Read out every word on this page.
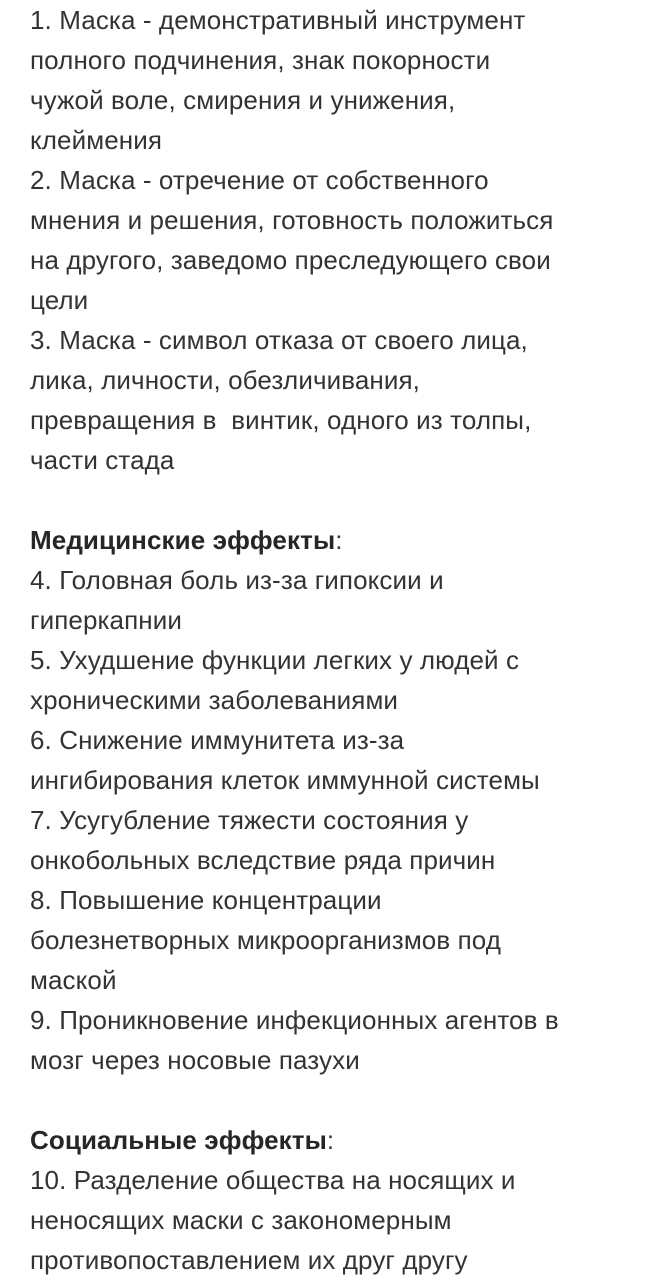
1. Маска - демонстративный инструмент
полного подчинения, знак покорности
чужой воле, смирения и унижения,
клеймения
2. Маска - отречение от собственного
мнения и решения, готовность положиться
на другого, заведомо преследующего свои
цели
3. Маска - символ отказа от своего лица,
лика, личности, обезличивания,
превращения в  винтик, одного из толпы,
части стада
Медицинские эффекты:
4. Головная боль из-за гипоксии и
гиперкапнии
5. Ухудшение функции легких у людей с
хроническими заболеваниями
6. Снижение иммунитета из-за
ингибирования клеток иммунной системы
7. Усугубление тяжести состояния у
онкобольных вследствие ряда причин
8. Повышение концентрации
болезнетворных микроорганизмов под
маской
9. Проникновение инфекционных агентов в
мозг через носовые пазухи
Социальные эффекты:
10. Разделение общества на носящих и
неносящих маски с закономерным
противопоставлением их друг другу
